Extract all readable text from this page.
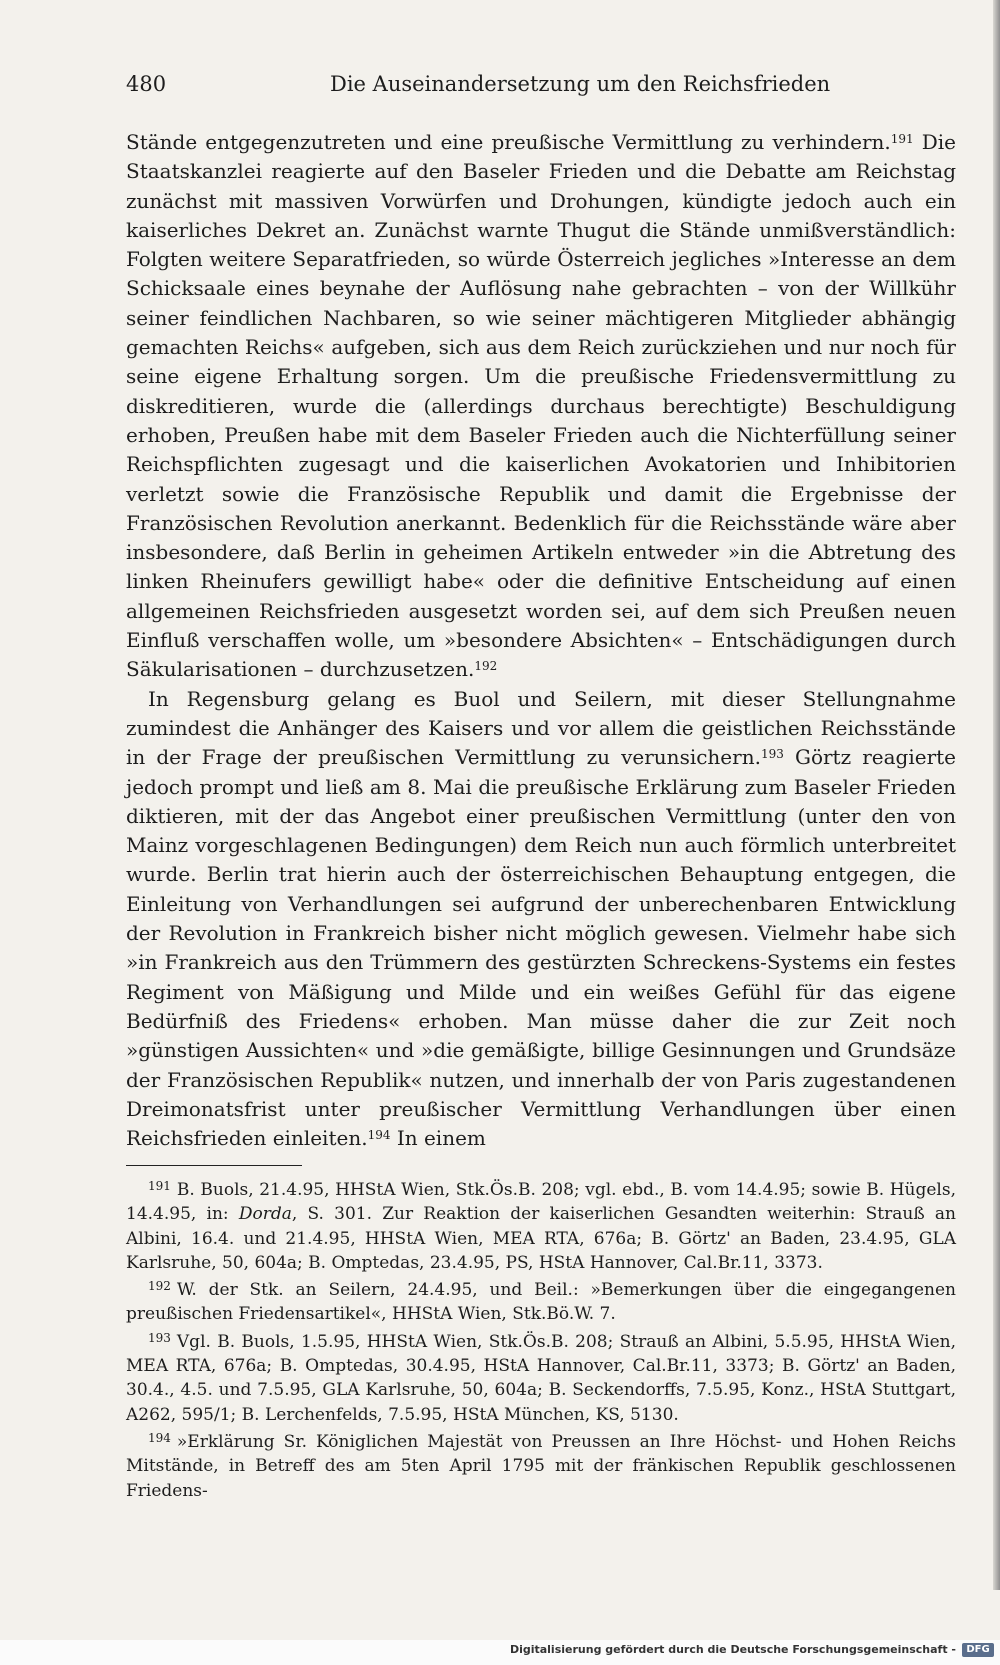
480	Die Auseinandersetzung um den Reichsfrieden

Stände entgegenzutreten und eine preußische Vermittlung zu verhindern.$^{191}$ Die Staatskanzlei reagierte auf den Baseler Frieden und die Debatte am Reichstag zunächst mit massiven Vorwürfen und Drohungen, kündigte jedoch auch ein kaiserliches Dekret an. Zunächst warnte Thugut die Stände unmißverständlich: Folgten weitere Separatfrieden, so würde Österreich jegliches »Interesse an dem Schicksaale eines beynahe der Auflösung nahe gebrachten – von der Willkühr seiner feindlichen Nachbaren, so wie seiner mächtigeren Mitglieder abhängig gemachten Reichs« aufgeben, sich aus dem Reich zurückziehen und nur noch für seine eigene Erhaltung sorgen. Um die preußische Friedensvermittlung zu diskreditieren, wurde die (allerdings durchaus berechtigte) Beschuldigung erhoben, Preußen habe mit dem Baseler Frieden auch die Nichterfüllung seiner Reichspflichten zugesagt und die kaiserlichen Avokatorien und Inhibitorien verletzt sowie die Französische Republik und damit die Ergebnisse der Französischen Revolution anerkannt. Bedenklich für die Reichsstände wäre aber insbesondere, daß Berlin in geheimen Artikeln entweder »in die Abtretung des linken Rheinufers gewilligt habe« oder die definitive Entscheidung auf einen allgemeinen Reichsfrieden ausgesetzt worden sei, auf dem sich Preußen neuen Einfluß verschaffen wolle, um »besondere Absichten« – Entschädigungen durch Säkularisationen – durchzusetzen.$^{192}$

In Regensburg gelang es Buol und Seilern, mit dieser Stellungnahme zumindest die Anhänger des Kaisers und vor allem die geistlichen Reichsstände in der Frage der preußischen Vermittlung zu verunsichern.$^{193}$ Görtz reagierte jedoch prompt und ließ am 8. Mai die preußische Erklärung zum Baseler Frieden diktieren, mit der das Angebot einer preußischen Vermittlung (unter den von Mainz vorgeschlagenen Bedingungen) dem Reich nun auch förmlich unterbreitet wurde. Berlin trat hierin auch der österreichischen Behauptung entgegen, die Einleitung von Verhandlungen sei aufgrund der unberechenbaren Entwicklung der Revolution in Frankreich bisher nicht möglich gewesen. Vielmehr habe sich »in Frankreich aus den Trümmern des gestürzten Schreckens-Systems ein festes Regiment von Mäßigung und Milde und ein weißes Gefühl für das eigene Bedürfniß des Friedens« erhoben. Man müsse daher die zur Zeit noch »günstigen Aussichten« und »die gemäßigte, billige Gesinnungen und Grundsäze der Französischen Republik« nutzen, und innerhalb der von Paris zugestandenen Dreimonatsfrist unter preußischer Vermittlung Verhandlungen über einen Reichsfrieden einleiten.$^{194}$ In einem

$^{191}$ B. Buols, 21.4.95, HHStA Wien, Stk.Ös.B. 208; vgl. ebd., B. vom 14.4.95; sowie B. Hügels, 14.4.95, in: Dorda, S. 301. Zur Reaktion der kaiserlichen Gesandten weiterhin: Strauß an Albini, 16.4. und 21.4.95, HHStA Wien, MEA RTA, 676a; B. Görtz' an Baden, 23.4.95, GLA Karlsruhe, 50, 604a; B. Omptedas, 23.4.95, PS, HStA Hannover, Cal.Br.11, 3373.

$^{192}$ W. der Stk. an Seilern, 24.4.95, und Beil.: »Bemerkungen über die eingegangenen preußischen Friedensartikel«, HHStA Wien, Stk.Bö.W. 7.

$^{193}$ Vgl. B. Buols, 1.5.95, HHStA Wien, Stk.Ös.B. 208; Strauß an Albini, 5.5.95, HHStA Wien, MEA RTA, 676a; B. Omptedas, 30.4.95, HStA Hannover, Cal.Br.11, 3373; B. Görtz' an Baden, 30.4., 4.5. und 7.5.95, GLA Karlsruhe, 50, 604a; B. Seckendorffs, 7.5.95, Konz., HStA Stuttgart, A262, 595/1; B. Lerchenfelds, 7.5.95, HStA München, KS, 5130.

$^{194}$ »Erklärung Sr. Königlichen Majestät von Preussen an Ihre Höchst- und Hohen Reichs Mitstände, in Betreff des am 5ten April 1795 mit der fränkischen Republik geschlossenen Friedens-

Digitalisierung gefördert durch die Deutsche Forschungsgemeinschaft -	DFG
